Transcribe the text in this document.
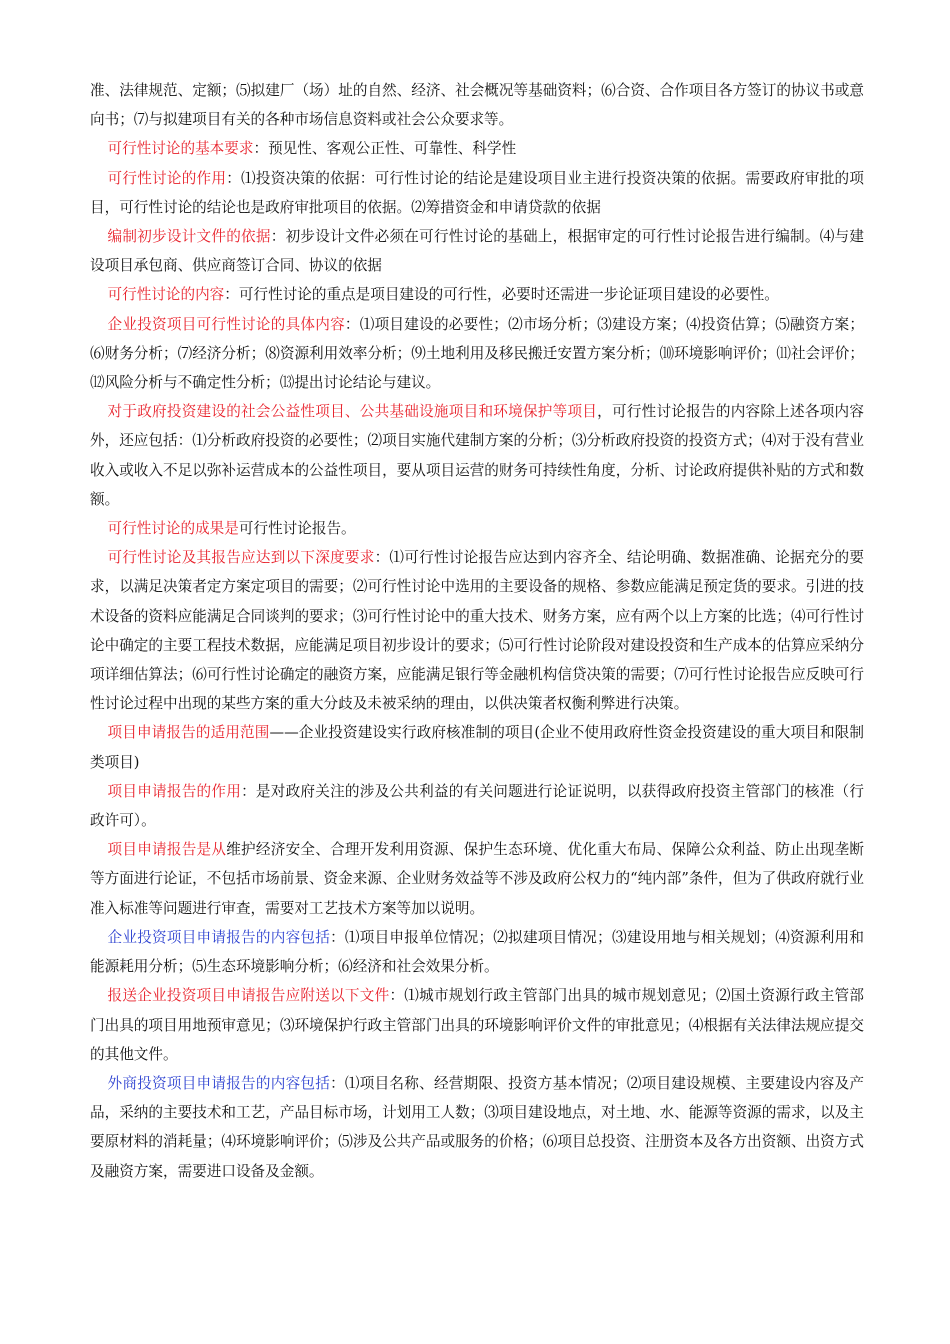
准、法律规范、定额；⑸拟建厂（场）址的自然、经济、社会概况等基础资料；⑹合资、合作项目各方签订的协议书或意向书；⑺与拟建项目有关的各种市场信息资料或社会公众要求等。

可行性讨论的基本要求：预见性、客观公正性、可靠性、科学性

可行性讨论的作用：⑴投资决策的依据：可行性讨论的结论是建设项目业主进行投资决策的依据。需要政府审批的项目，可行性讨论的结论也是政府审批项目的依据。⑵筹措资金和申请贷款的依据

编制初步设计文件的依据：初步设计文件必须在可行性讨论的基础上，根据审定的可行性讨论报告进行编制。⑷与建设项目承包商、供应商签订合同、协议的依据

可行性讨论的内容：可行性讨论的重点是项目建设的可行性，必要时还需进一步论证项目建设的必要性。

企业投资项目可行性讨论的具体内容：⑴项目建设的必要性；⑵市场分析；⑶建设方案；⑷投资估算；⑸融资方案；⑹财务分析；⑺经济分析；⑻资源利用效率分析；⑼土地利用及移民搬迁安置方案分析；⑽环境影响评价；⑾社会评价；⑿风险分析与不确定性分析；⒀提出讨论结论与建议。

对于政府投资建设的社会公益性项目、公共基础设施项目和环境保护等项目，可行性讨论报告的内容除上述各项内容外，还应包括：⑴分析政府投资的必要性；⑵项目实施代建制方案的分析；⑶分析政府投资的投资方式；⑷对于没有营业收入或收入不足以弥补运营成本的公益性项目，要从项目运营的财务可持续性角度，分析、讨论政府提供补贴的方式和数额。

可行性讨论的成果是可行性讨论报告。

可行性讨论及其报告应达到以下深度要求：⑴可行性讨论报告应达到内容齐全、结论明确、数据准确、论据充分的要求，以满足决策者定方案定项目的需要；⑵可行性讨论中选用的主要设备的规格、参数应能满足预定货的要求。引进的技术设备的资料应能满足合同谈判的要求；⑶可行性讨论中的重大技术、财务方案，应有两个以上方案的比选；⑷可行性讨论中确定的主要工程技术数据，应能满足项目初步设计的要求；⑸可行性讨论阶段对建设投资和生产成本的估算应采纳分项详细估算法；⑹可行性讨论确定的融资方案，应能满足银行等金融机构信贷决策的需要；⑺可行性讨论报告应反映可行性讨论过程中出现的某些方案的重大分歧及未被采纳的理由，以供决策者权衡利弊进行决策。

项目申请报告的适用范围——企业投资建设实行政府核准制的项目(企业不使用政府性资金投资建设的重大项目和限制类项目)

项目申请报告的作用：是对政府关注的涉及公共利益的有关问题进行论证说明，以获得政府投资主管部门的核准（行政许可）。

项目申请报告是从维护经济安全、合理开发利用资源、保护生态环境、优化重大布局、保障公众利益、防止出现垄断等方面进行论证，不包括市场前景、资金来源、企业财务效益等不涉及政府公权力的“纯内部”条件，但为了供政府就行业准入标准等问题进行审查，需要对工艺技术方案等加以说明。

企业投资项目申请报告的内容包括：⑴项目申报单位情况；⑵拟建项目情况；⑶建设用地与相关规划；⑷资源利用和能源耗用分析；⑸生态环境影响分析；⑹经济和社会效果分析。

报送企业投资项目申请报告应附送以下文件：⑴城市规划行政主管部门出具的城市规划意见；⑵国土资源行政主管部门出具的项目用地预审意见；⑶环境保护行政主管部门出具的环境影响评价文件的审批意见；⑷根据有关法律法规应提交的其他文件。

外商投资项目申请报告的内容包括：⑴项目名称、经营期限、投资方基本情况；⑵项目建设规模、主要建设内容及产品，采纳的主要技术和工艺，产品目标市场，计划用工人数；⑶项目建设地点，对土地、水、能源等资源的需求，以及主要原材料的消耗量；⑷环境影响评价；⑸涉及公共产品或服务的价格；⑹项目总投资、注册资本及各方出资额、出资方式及融资方案，需要进口设备及金额。
